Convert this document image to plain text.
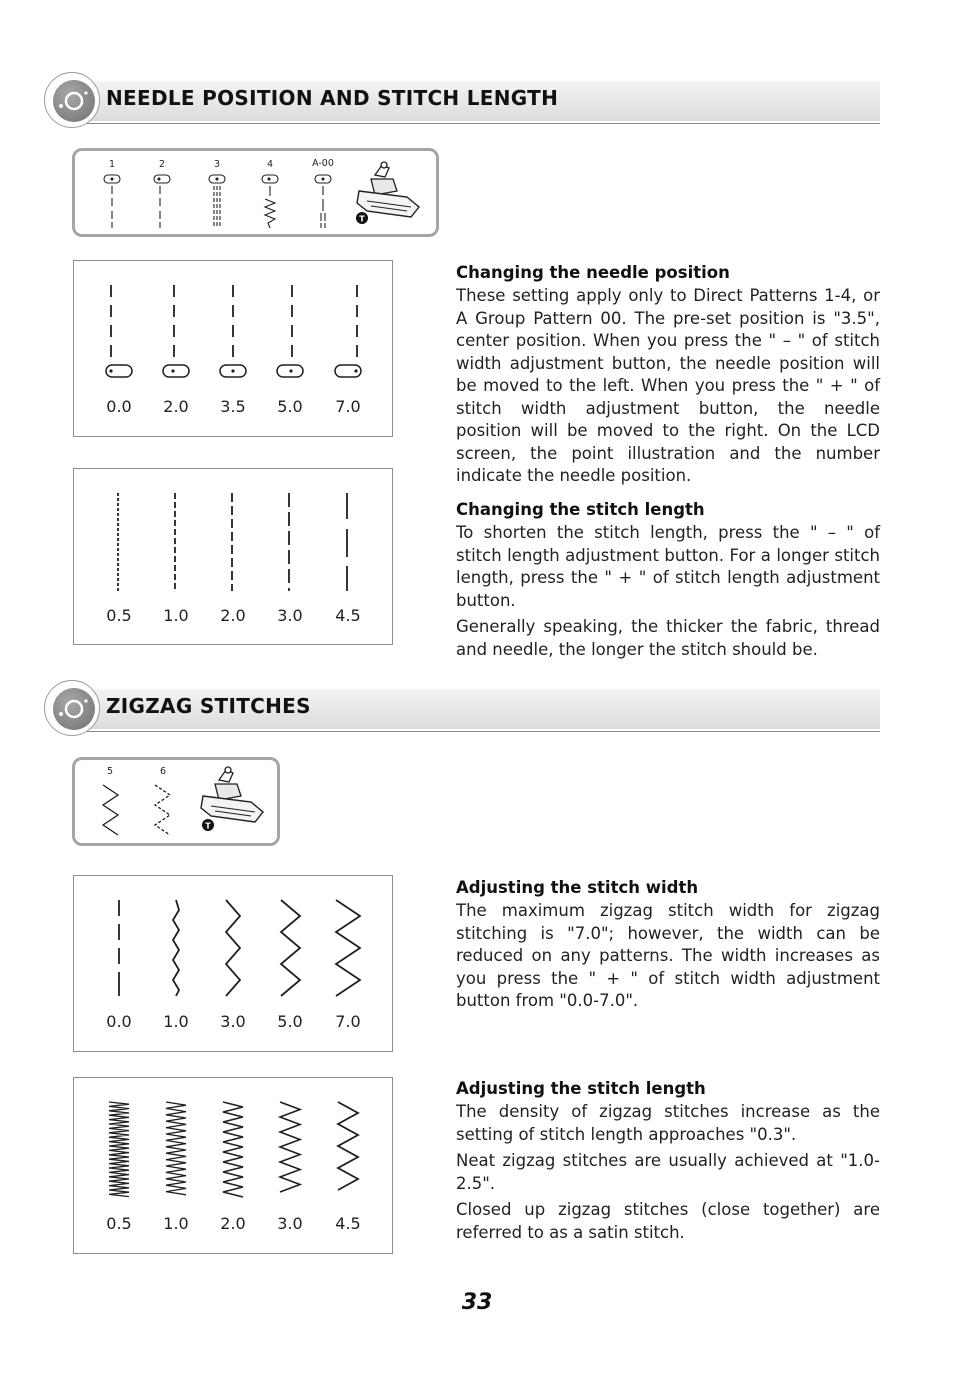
NEEDLE POSITION AND STITCH LENGTH
1	2	3	4	A-00
T
0.0 2.0 3.5 5.0 7.0
0.5 1.0 2.0 3.0 4.5
Changing the needle position
These setting apply only to Direct Patterns 1-4, or A Group Pattern 00. The pre-set position is "3.5", center position. When you press the " – " of stitch width adjustment button, the needle position will be moved to the left. When you press the " + " of stitch width adjustment button, the needle position will be moved to the right. On the LCD screen, the point illustration and the number indicate the needle position.
Changing the stitch length
To shorten the stitch length, press the " – " of stitch length adjustment button. For a longer stitch length, press the " + " of stitch length adjustment button.
Generally speaking, the thicker the fabric, thread and needle, the longer the stitch should be.
ZIGZAG STITCHES
5	6
T
0.0 1.0 3.0 5.0 7.0
0.5 1.0 2.0 3.0 4.5
Adjusting the stitch width
The maximum zigzag stitch width for zigzag stitching is "7.0"; however, the width can be reduced on any patterns. The width increases as you press the " + " of stitch width adjustment button from "0.0-7.0".
Adjusting the stitch length
The density of zigzag stitches increase as the setting of stitch length approaches "0.3".
Neat zigzag stitches are usually achieved at "1.0-2.5".
Closed up zigzag stitches (close together) are referred to as a satin stitch.
33
